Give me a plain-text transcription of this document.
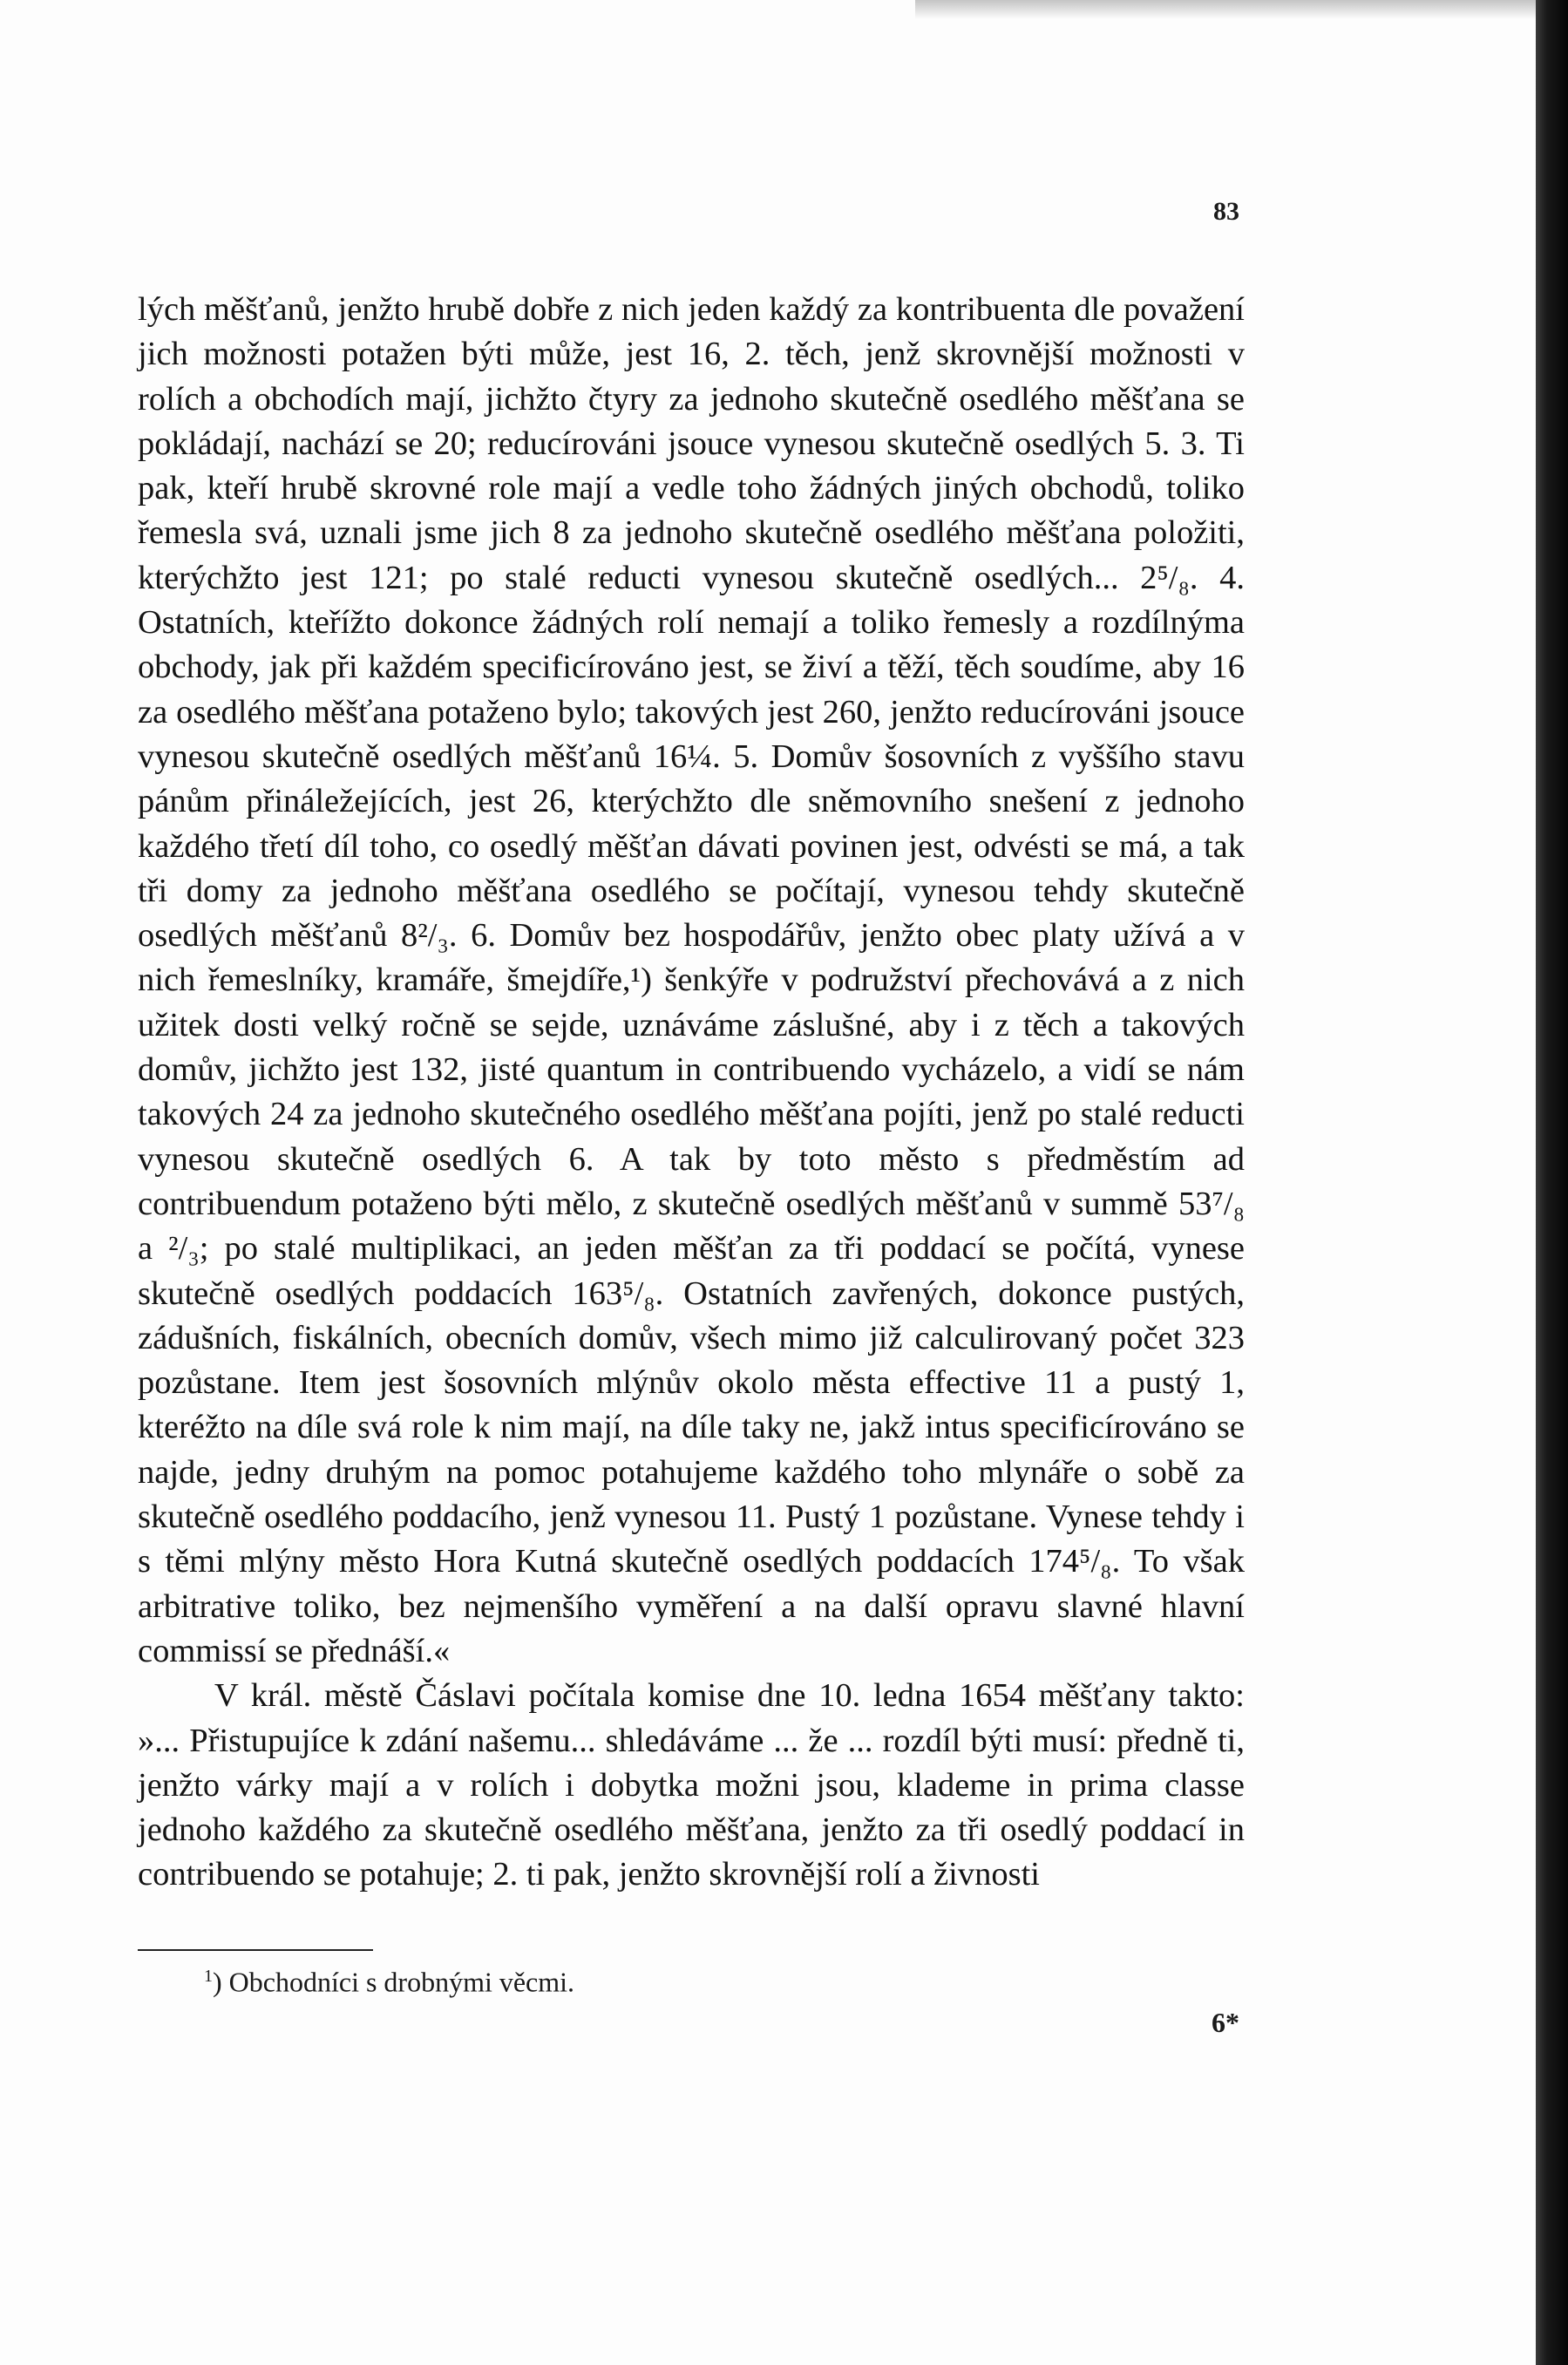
83

lých měšťanů, jenžto hrubě dobře z nich jeden každý za kontribuenta dle považení jich možnosti potažen býti může, jest 16, 2. těch, jenž skrovnější možnosti v rolích a obchodích mají, jichžto čtyry za jednoho skutečně osedlého měšťana se pokládají, nachází se 20; reducírováni jsouce vynesou skutečně osedlých 5. 3. Ti pak, kteří hrubě skrovné role mají a vedle toho žádných jiných obchodů, toliko řemesla svá, uznali jsme jich 8 za jednoho skutečně osedlého měšťana položiti, kterýchžto jest 121; po stalé reducti vynesou skutečně osedlých... 2⁵/₈. 4. Ostatních, kteřížto dokonce žádných rolí nemají a toliko řemesly a rozdílnýma obchody, jak při každém specificírováno jest, se živí a těží, těch soudíme, aby 16 za osedlého měšťana potaženo bylo; takových jest 260, jenžto reducírováni jsouce vynesou skutečně osedlých měšťanů 16¼. 5. Domův šosovních z vyššího stavu pánům přináležejících, jest 26, kterýchžto dle sněmovního snešení z jednoho každého třetí díl toho, co osedlý měšťan dávati povinen jest, odvésti se má, a tak tři domy za jednoho měšťana osedlého se počítají, vynesou tehdy skutečně osedlých měšťanů 8²/₃. 6. Domův bez hospodářův, jenžto obec platy užívá a v nich řemeslníky, kramáře, šmejdíře,¹) šenkýře v podružství přechovává a z nich užitek dosti velký ročně se sejde, uznáváme záslušné, aby i z těch a takových domův, jichžto jest 132, jisté quantum in contribuendo vycházelo, a vidí se nám takových 24 za jednoho skutečného osedlého měšťana pojíti, jenž po stalé reducti vynesou skutečně osedlých 6. A tak by toto město s předměstím ad contribuendum potaženo býti mělo, z skutečně osedlých měšťanů v summě 53⁷/₈ a ²/₃; po stalé multiplikaci, an jeden měšťan za tři poddací se počítá, vynese skutečně osedlých poddacích 163⁵/₈. Ostatních zavřených, dokonce pustých, zádušních, fiskálních, obecních domův, všech mimo již calculirovaný počet 323 pozůstane. Item jest šosovních mlýnův okolo města effective 11 a pustý 1, kteréžto na díle svá role k nim mají, na díle taky ne, jakž intus specificírováno se najde, jedny druhým na pomoc potahujeme každého toho mlynáře o sobě za skutečně osedlého poddacího, jenž vynesou 11. Pustý 1 pozůstane. Vynese tehdy i s těmi mlýny město Hora Kutná skutečně osedlých poddacích 174⁵/₈. To však arbitrative toliko, bez nejmenšího vyměření a na další opravu slavné hlavní commissí se přednáší.«

V král. městě Čáslavi počítala komise dne 10. ledna 1654 měšťany takto: »... Přistupujíce k zdání našemu... shledáváme ... že ... rozdíl býti musí: předně ti, jenžto várky mají a v rolích i dobytka možni jsou, klademe in prima classe jednoho každého za skutečně osedlého měšťana, jenžto za tři osedlý poddací in contribuendo se potahuje; 2. ti pak, jenžto skrovnější rolí a živnosti

$^1$) Obchodníci s drobnými věcmi.

6*
